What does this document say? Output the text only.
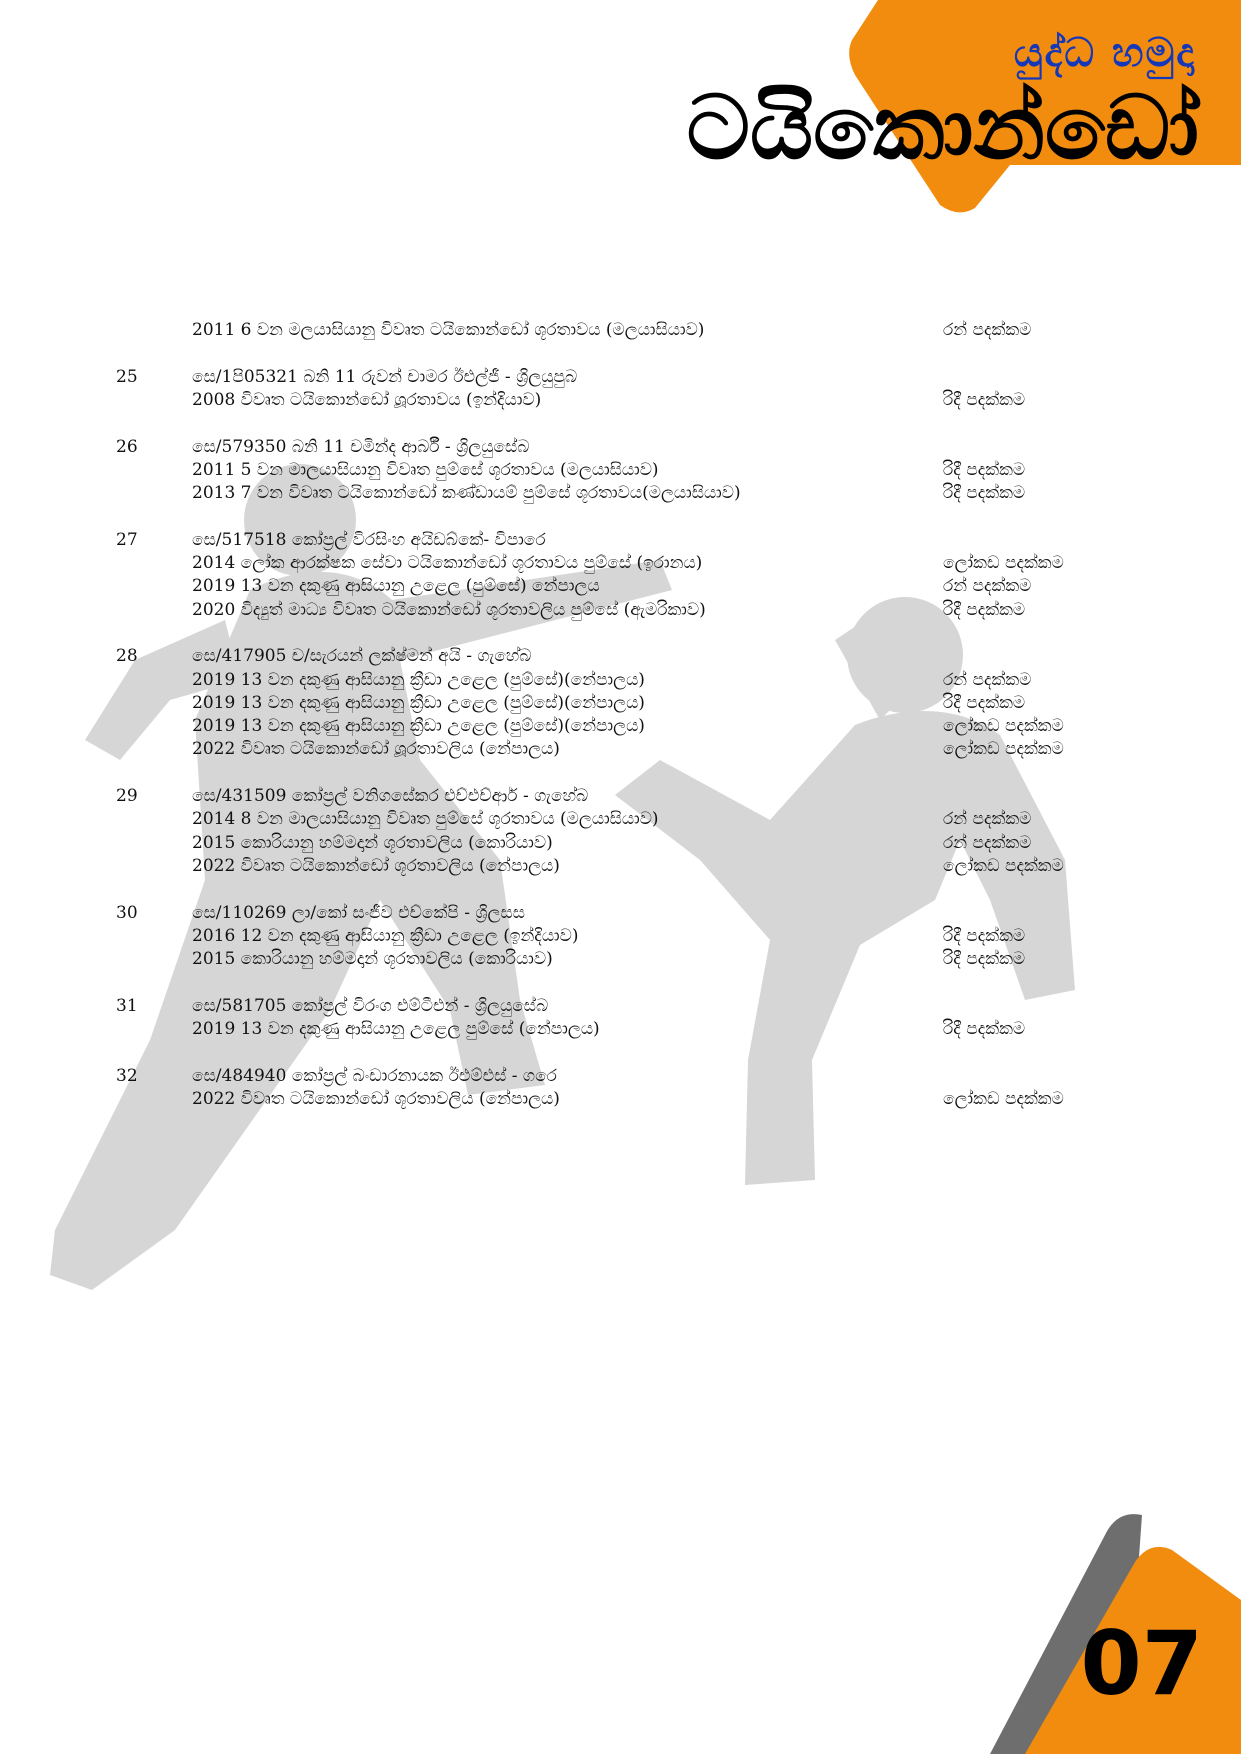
යුද්ධ හමුදා
ටයිකොන්ඩෝ
07
2011 6 වන මලයාසියානු විවෘත ටයිකොන්ඩෝ ශූරතාවය (මලයාසියාව)	රන් පදක්කම
25	සෙ/1පි05321 බනි 11 රුවන් චාමර ඊඑල්ජී - ශ්‍රිලයුපුබ
2008 විවෘත ටයිකොන්ඩෝ ශ‍ූරතාවය (ඉන්දියාව)	රිදී පදක්කම
26	සෙ/579350 බනි 11 චමින්ද ආර්බී - ශ්‍රිලයුසේබ
2011 5 වන මාලයාසියානු විවෘත පුම්සේ ශූරතාවය (මලයාසියාව)	රිදී පදක්කම
2013 7 වන විවෘත ටයිකොන්ඩෝ කණ්ඩායම් පුම්සේ ශූරතාවය(මලයාසියාව)	රිදී පදක්කම
27	සෙ/517518 කෝප්‍රල් විරසිංහ අයිඩබ්කේ- විපාරෙ
2014 ලෝක ආරක්ෂක සේවා ටයිකොන්ඩෝ ශූරතාවය පුම්සේ (ඉරානය)	ලෝකඩ පදක්කම
2019 13 වන දකුණු ආසියානු උළෙල (පුම්සේ) නේපාලය	රන් පදක්කම
2020 විද්‍යුත් මාධ්‍ය විවෘත ටයිකොන්ඩෝ ශූරතාවලිය පුම්සේ (ඇමරිකාව)	රිදී පදක්කම
28	සෙ/417905 ච/සැරයන් ලක්ෂ්මන් අයි - ගැහේබ
2019 13 වන දකුණු ආසියානු ක්‍රීඩා උළෙල (පුම්සේ)(නේපාලය)	රන් පදක්කම
2019 13 වන දකුණු ආසියානු ක්‍රීඩා උළෙල (පුම්සේ)(නේපාලය)	රිදී පදක්කම
2019 13 වන දකුණු ආසියානු ක්‍රීඩා උළෙල (පුම්සේ)(නේපාලය)	ලෝකඩ පදක්කම
2022 විවෘත ටයිකොන්ඩෝ ශ‍ූරතාවලිය (නේපාලය)	ලෝකඩ පදක්කම
29	සෙ/431509 කෝප්‍රල් වනිගසේකර එච්එච්ආර් - ගැහේබ
2014 8 වන මාලයාසියානු විවෘත පුම්සේ ශූරතාවය (මලයාසියාව)	රන් පදක්කම
2015 කොරියානු හම්මදාන් ශූරතාවලිය (කොරියාව)	රන් පදක්කම
2022 විවෘත ටයිකොන්ඩෝ ශූරතාවලිය (නේපාලය)	ලෝකඩ පදක්කම
30	සෙ/110269 ලා/කෝ සංජීව එච්කේපි - ශ්‍රිලසස
2016 12 වන දකුණු ආසියානු ක්‍රීඩා උළෙල (ඉන්දියාව)	රිදී පදක්කම
2015 කොරියානු හම්මදාන් ශූරතාවලිය (කොරියාව)	රිදී පදක්කම
31	සෙ/581705 කෝප්‍රල් විරංග එම්ටීඑන් - ශ්‍රිලයුසේබ
2019 13 වන දකුණු ආසියානු උළෙල පුම්සේ (නේපාලය)	රිදී පදක්කම
32	සෙ/484940 කෝප්‍රල් බංඩාරනායක ඊඑම්එස් - ගරෙ
2022 විවෘත ටයිකොන්ඩෝ ශූරතාවලිය (නේපාලය)	ලෝකඩ පදක්කම
